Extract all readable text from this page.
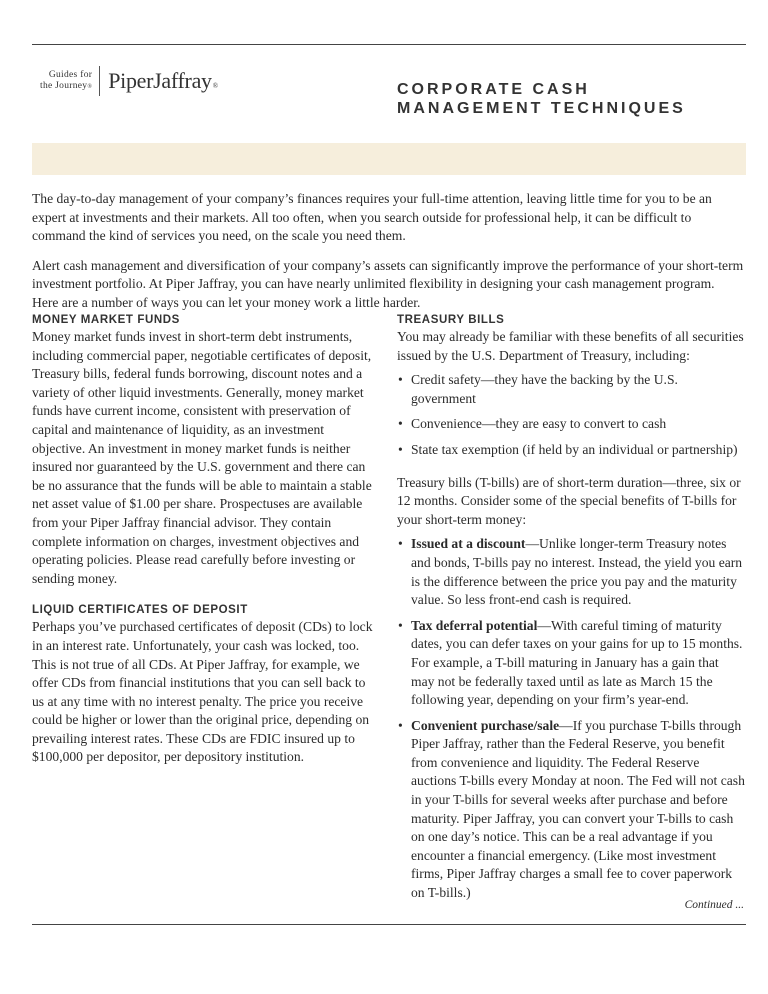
Guides for
the Journey® PiperJaffray®	CORPORATE CASH
MANAGEMENT TECHNIQUES

The day-to-day management of your company’s finances requires your full-time attention, leaving little time for you to be an expert at investments and their markets. All too often, when you search outside for professional help, it can be difficult to command the kind of services you need, on the scale you need them.

Alert cash management and diversification of your company’s assets can significantly improve the performance of your short-term investment portfolio. At Piper Jaffray, you can have nearly unlimited flexibility in designing your cash management program. Here are a number of ways you can let your money work a little harder.

MONEY MARKET FUNDS

Money market funds invest in short-term debt instruments, including commercial paper, negotiable certificates of deposit, Treasury bills, federal funds borrowing, discount notes and a variety of other liquid investments. Generally, money market funds have current income, consistent with preservation of capital and maintenance of liquidity, as an investment objective. An investment in money market funds is neither insured nor guaranteed by the U.S. government and there can be no assurance that the funds will be able to maintain a stable net asset value of $1.00 per share. Prospectuses are available from your Piper Jaffray financial advisor. They contain complete information on charges, investment objectives and operating policies. Please read carefully before investing or sending money.

LIQUID CERTIFICATES OF DEPOSIT

Perhaps you’ve purchased certificates of deposit (CDs) to lock in an interest rate. Unfortunately, your cash was locked, too. This is not true of all CDs. At Piper Jaffray, for example, we offer CDs from financial institutions that you can sell back to us at any time with no interest penalty. The price you receive could be higher or lower than the original price, depending on prevailing interest rates. These CDs are FDIC insured up to $100,000 per depositor, per depository institution.

TREASURY BILLS

You may already be familiar with these benefits of all securities issued by the U.S. Department of Treasury, including:

• Credit safety—they have the backing by the U.S. government
• Convenience—they are easy to convert to cash
• State tax exemption (if held by an individual or partnership)

Treasury bills (T-bills) are of short-term duration—three, six or 12 months. Consider some of the special benefits of T-bills for your short-term money:

• Issued at a discount—Unlike longer-term Treasury notes and bonds, T-bills pay no interest. Instead, the yield you earn is the difference between the price you pay and the maturity value. So less front-end cash is required.
• Tax deferral potential—With careful timing of maturity dates, you can defer taxes on your gains for up to 15 months. For example, a T-bill maturing in January has a gain that may not be federally taxed until as late as March 15 the following year, depending on your firm’s year-end.
• Convenient purchase/sale—If you purchase T-bills through Piper Jaffray, rather than the Federal Reserve, you benefit from convenience and liquidity. The Federal Reserve auctions T-bills every Monday at noon. The Fed will not cash in your T-bills for several weeks after purchase and before maturity. Piper Jaffray, you can convert your T-bills to cash on one day’s notice. This can be a real advantage if you encounter a financial emergency. (Like most investment firms, Piper Jaffray charges a small fee to cover paperwork on T-bills.)
Continued ...
